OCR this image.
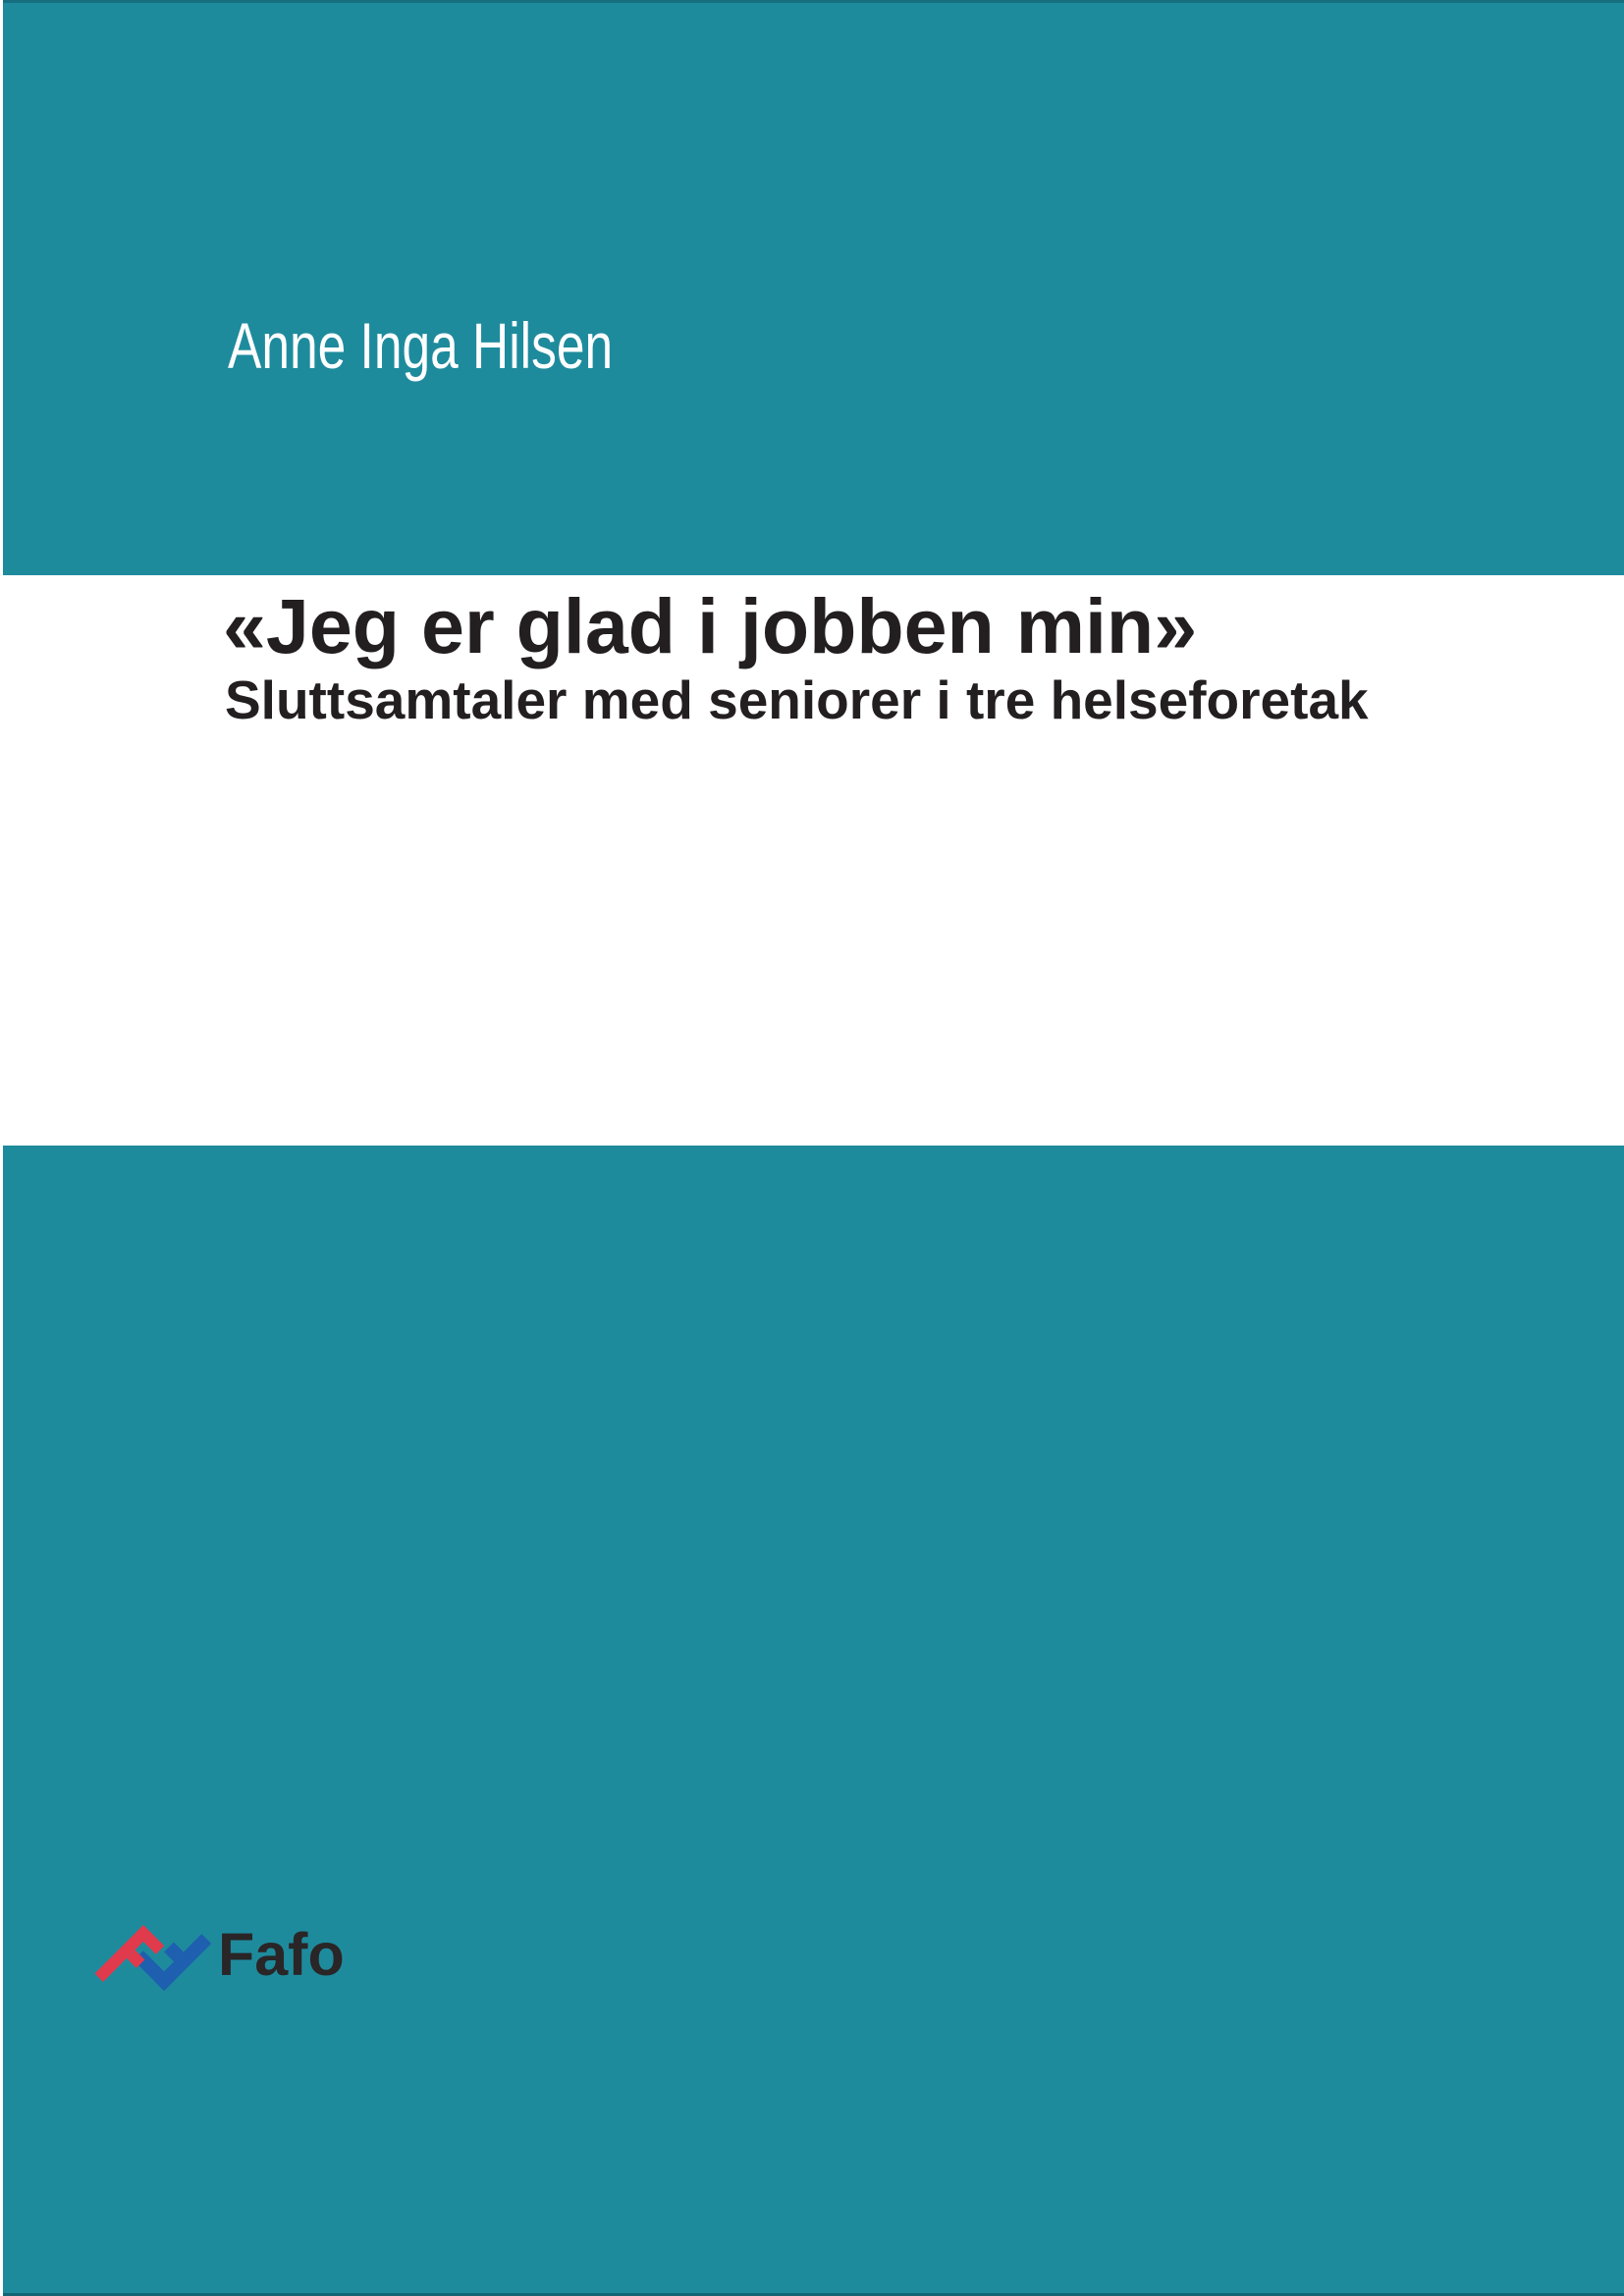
Anne Inga Hilsen
«Jeg er glad i jobben min»
Sluttsamtaler med seniorer i tre helseforetak
Fafo
